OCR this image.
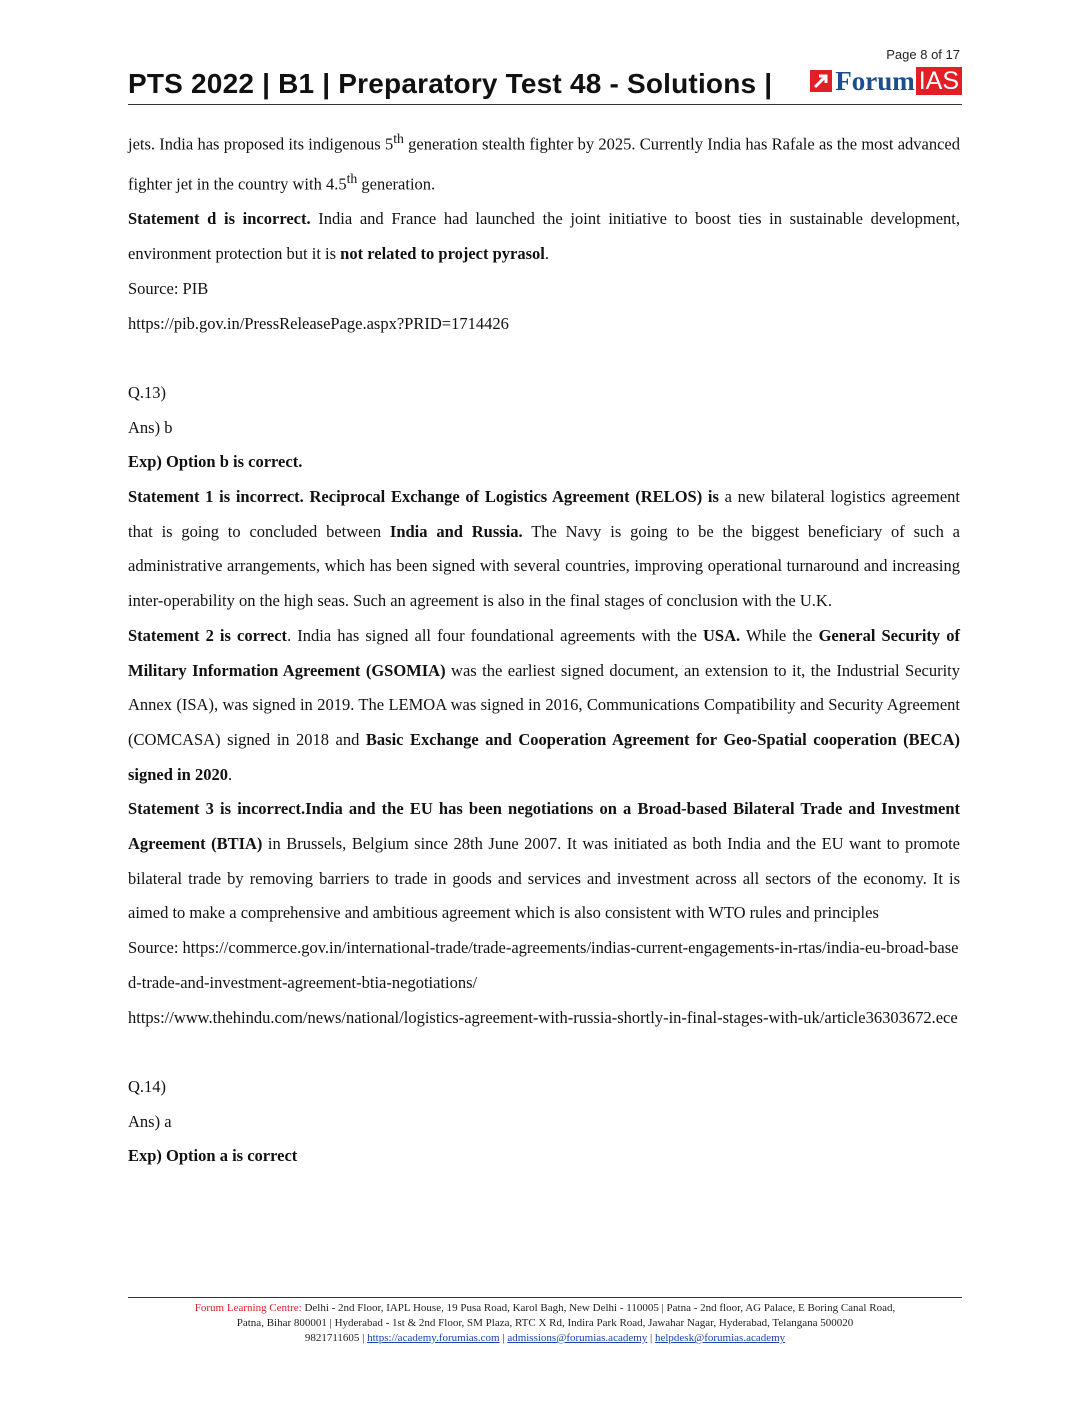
Page 8 of 17
PTS 2022 | B1 | Preparatory Test 48 - Solutions | Forum IAS

jets. India has proposed its indigenous 5th generation stealth fighter by 2025. Currently India has Rafale as the most advanced fighter jet in the country with 4.5th generation.

Statement d is incorrect. India and France had launched the joint initiative to boost ties in sustainable development, environment protection but it is not related to project pyrasol.

Source: PIB

https://pib.gov.in/PressReleasePage.aspx?PRID=1714426

Q.13)

Ans) b

Exp) Option b is correct.

Statement 1 is incorrect. Reciprocal Exchange of Logistics Agreement (RELOS) is a new bilateral logistics agreement that is going to concluded between India and Russia. The Navy is going to be the biggest beneficiary of such a administrative arrangements, which has been signed with several countries, improving operational turnaround and increasing inter-operability on the high seas. Such an agreement is also in the final stages of conclusion with the U.K.

Statement 2 is correct. India has signed all four foundational agreements with the USA. While the General Security of Military Information Agreement (GSOMIA) was the earliest signed document, an extension to it, the Industrial Security Annex (ISA), was signed in 2019. The LEMOA was signed in 2016, Communications Compatibility and Security Agreement (COMCASA) signed in 2018 and Basic Exchange and Cooperation Agreement for Geo-Spatial cooperation (BECA) signed in 2020.

Statement 3 is incorrect.India and the EU has been negotiations on a Broad-based Bilateral Trade and Investment Agreement (BTIA) in Brussels, Belgium since 28th June 2007. It was initiated as both India and the EU want to promote bilateral trade by removing barriers to trade in goods and services and investment across all sectors of the economy. It is aimed to make a comprehensive and ambitious agreement which is also consistent with WTO rules and principles

Source: https://commerce.gov.in/international-trade/trade-agreements/indias-current-engagements-in-rtas/india-eu-broad-based-trade-and-investment-agreement-btia-negotiations/

https://www.thehindu.com/news/national/logistics-agreement-with-russia-shortly-in-final-stages-with-uk/article36303672.ece

Q.14)

Ans) a

Exp) Option a is correct

Forum Learning Centre: Delhi - 2nd Floor, IAPL House, 19 Pusa Road, Karol Bagh, New Delhi - 110005 | Patna - 2nd floor, AG Palace, E Boring Canal Road,
Patna, Bihar 800001 | Hyderabad - 1st & 2nd Floor, SM Plaza, RTC X Rd, Indira Park Road, Jawahar Nagar, Hyderabad, Telangana 500020
9821711605 | https://academy.forumias.com | admissions@forumias.academy | helpdesk@forumias.academy
